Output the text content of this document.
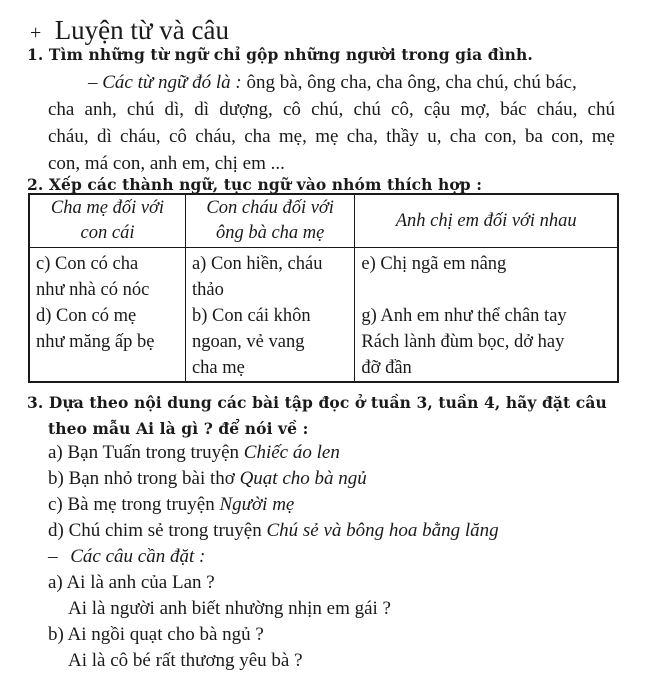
+ Luyện từ và câu
1. Tìm những từ ngữ chỉ gộp những người trong gia đình.
– Các từ ngữ đó là : ông bà, ông cha, cha ông, cha chú, chú bác,
cha anh, chú dì, dì dượng, cô chú, chú cô, cậu mợ, bác cháu, chú
cháu, dì cháu, cô cháu, cha mẹ, mẹ cha, thầy u, cha con, ba con, mẹ
con, má con, anh em, chị em ...
2. Xếp các thành ngữ, tục ngữ vào nhóm thích hợp :
Cha mẹ đối với
con cái	Con cháu đối với
ông bà cha mẹ	Anh chị em đối với nhau

c) Con có cha
như nhà có nóc
d) Con có mẹ
như măng ấp bẹ	a) Con hiền, cháu
thảo
b) Con cái khôn
ngoan, vẻ vang
cha mẹ	e) Chị ngã em nâng
g) Anh em như thể chân tay
Rách lành đùm bọc, dở hay
đỡ đần
3. Dựa theo nội dung các bài tập đọc ở tuần 3, tuần 4, hãy đặt câu
theo mẫu Ai là gì ? để nói về :
a) Bạn Tuấn trong truyện Chiếc áo len
b) Bạn nhỏ trong bài thơ Quạt cho bà ngủ
c) Bà mẹ trong truyện Người mẹ
d) Chú chim sẻ trong truyện Chú sẻ và bông hoa bằng lăng
– Các câu cần đặt :
a) Ai là anh của Lan ?
Ai là người anh biết nhường nhịn em gái ?
b) Ai ngồi quạt cho bà ngủ ?
Ai là cô bé rất thương yêu bà ?
